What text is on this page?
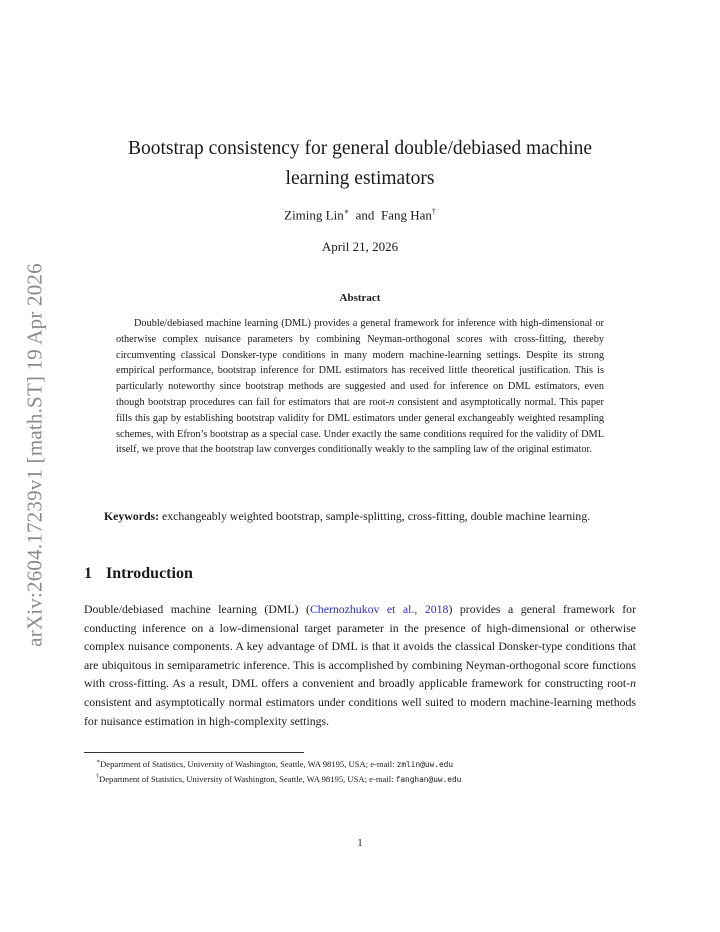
arXiv:2604.17239v1 [math.ST] 19 Apr 2026
Bootstrap consistency for general double/debiased machine
learning estimators
Ziming Lin∗ and Fang Han†
April 21, 2026
Abstract

Double/debiased machine learning (DML) provides a general framework for inference with high-dimensional or otherwise complex nuisance parameters by combining Neyman-orthogonal scores with cross-fitting, thereby circumventing classical Donsker-type conditions in many modern machine-learning settings. Despite its strong empirical performance, bootstrap inference for DML estimators has received little theoretical justification. This is particularly noteworthy since bootstrap methods are suggested and used for inference on DML estimators, even though bootstrap procedures can fail for estimators that are root-n consistent and asymptotically normal. This paper fills this gap by establishing bootstrap validity for DML estimators under general exchangeably weighted resampling schemes, with Efron’s bootstrap as a special case. Under exactly the same conditions required for the validity of DML itself, we prove that the bootstrap law converges conditionally weakly to the sampling law of the original estimator.

Keywords: exchangeably weighted bootstrap, sample-splitting, cross-fitting, double machine learning.

1 Introduction

Double/debiased machine learning (DML) (Chernozhukov et al., 2018) provides a general framework for conducting inference on a low-dimensional target parameter in the presence of high-dimensional or otherwise complex nuisance components. A key advantage of DML is that it avoids the classical Donsker-type conditions that are ubiquitous in semiparametric inference. This is accomplished by combining Neyman-orthogonal score functions with cross-fitting. As a result, DML offers a convenient and broadly applicable framework for constructing root-n consistent and asymptotically normal estimators under conditions well suited to modern machine-learning methods for nuisance estimation in high-complexity settings.

∗Department of Statistics, University of Washington, Seattle, WA 98195, USA; e-mail: zmlin@uw.edu
†Department of Statistics, University of Washington, Seattle, WA 98195, USA; e-mail: fanghan@uw.edu
1
